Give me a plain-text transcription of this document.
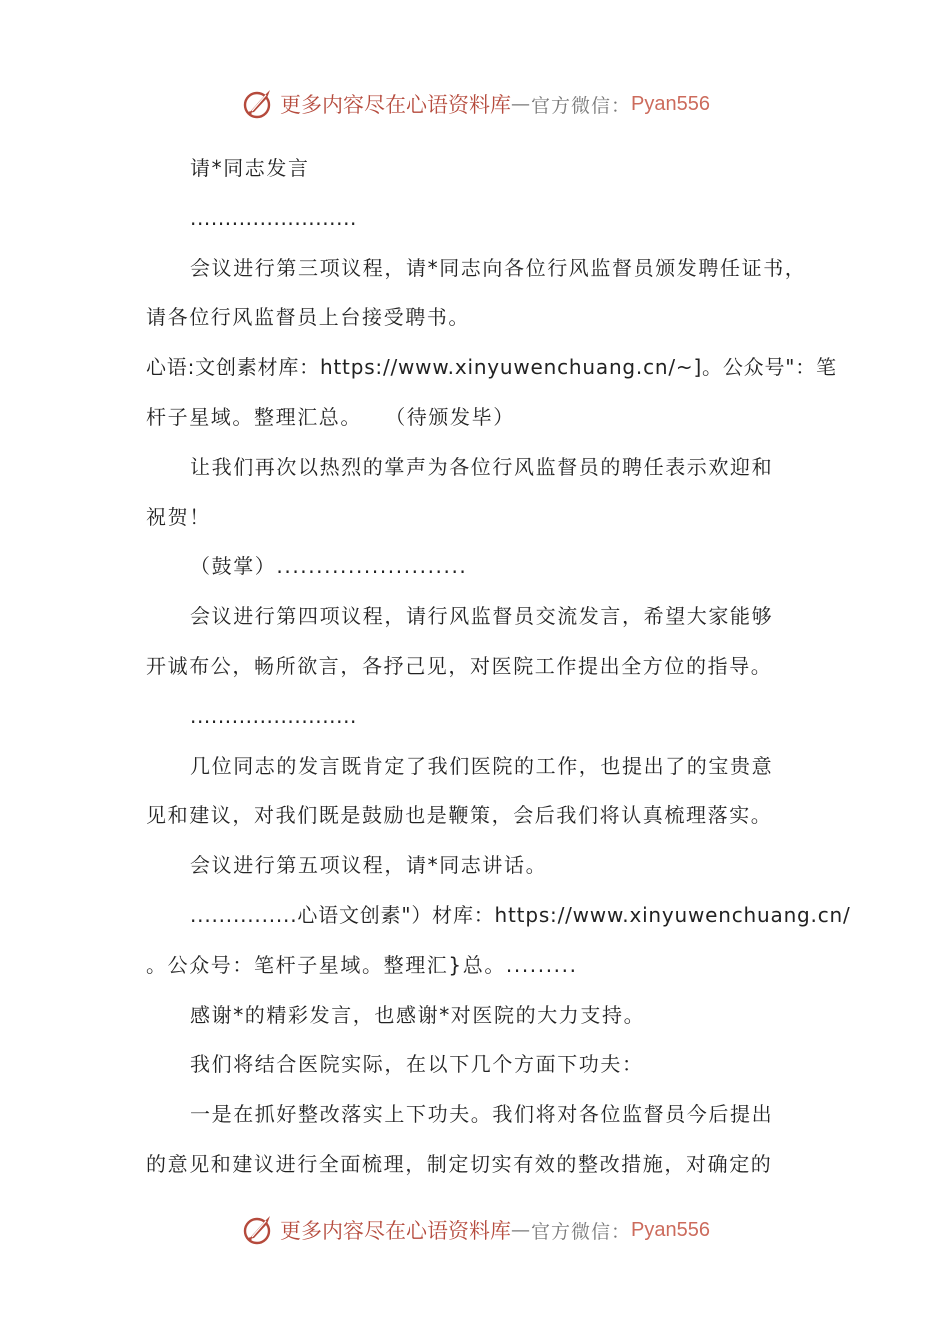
更多内容尽在心语资料库 — 官方微信： Pyan556
请*同志发言
........................
会议进行第三项议程，请*同志向各位行风监督员颁发聘任证书，
请各位行风监督员上台接受聘书。
心语:文创素材库：https://www.xinyuwenchuang.cn/~]。公众号"：笔
杆子星域。整理汇总。　　（待颁发毕）
让我们再次以热烈的掌声为各位行风监督员的聘任表示欢迎和
祝贺！
（鼓掌）........................
会议进行第四项议程，请行风监督员交流发言，希望大家能够
开诚布公，畅所欲言，各抒己见，对医院工作提出全方位的指导。
........................
几位同志的发言既肯定了我们医院的工作，也提出了的宝贵意
见和建议，对我们既是鼓励也是鞭策，会后我们将认真梳理落实。
会议进行第五项议程，请*同志讲话。
...............心语文创素"）材库：https://www.xinyuwenchuang.cn/
。公众号：笔杆子星域。整理汇}总。.........
感谢*的精彩发言，也感谢*对医院的大力支持。
我们将结合医院实际，在以下几个方面下功夫：
一是在抓好整改落实上下功夫。我们将对各位监督员今后提出
的意见和建议进行全面梳理，制定切实有效的整改措施，对确定的
更多内容尽在心语资料库 — 官方微信： Pyan556
